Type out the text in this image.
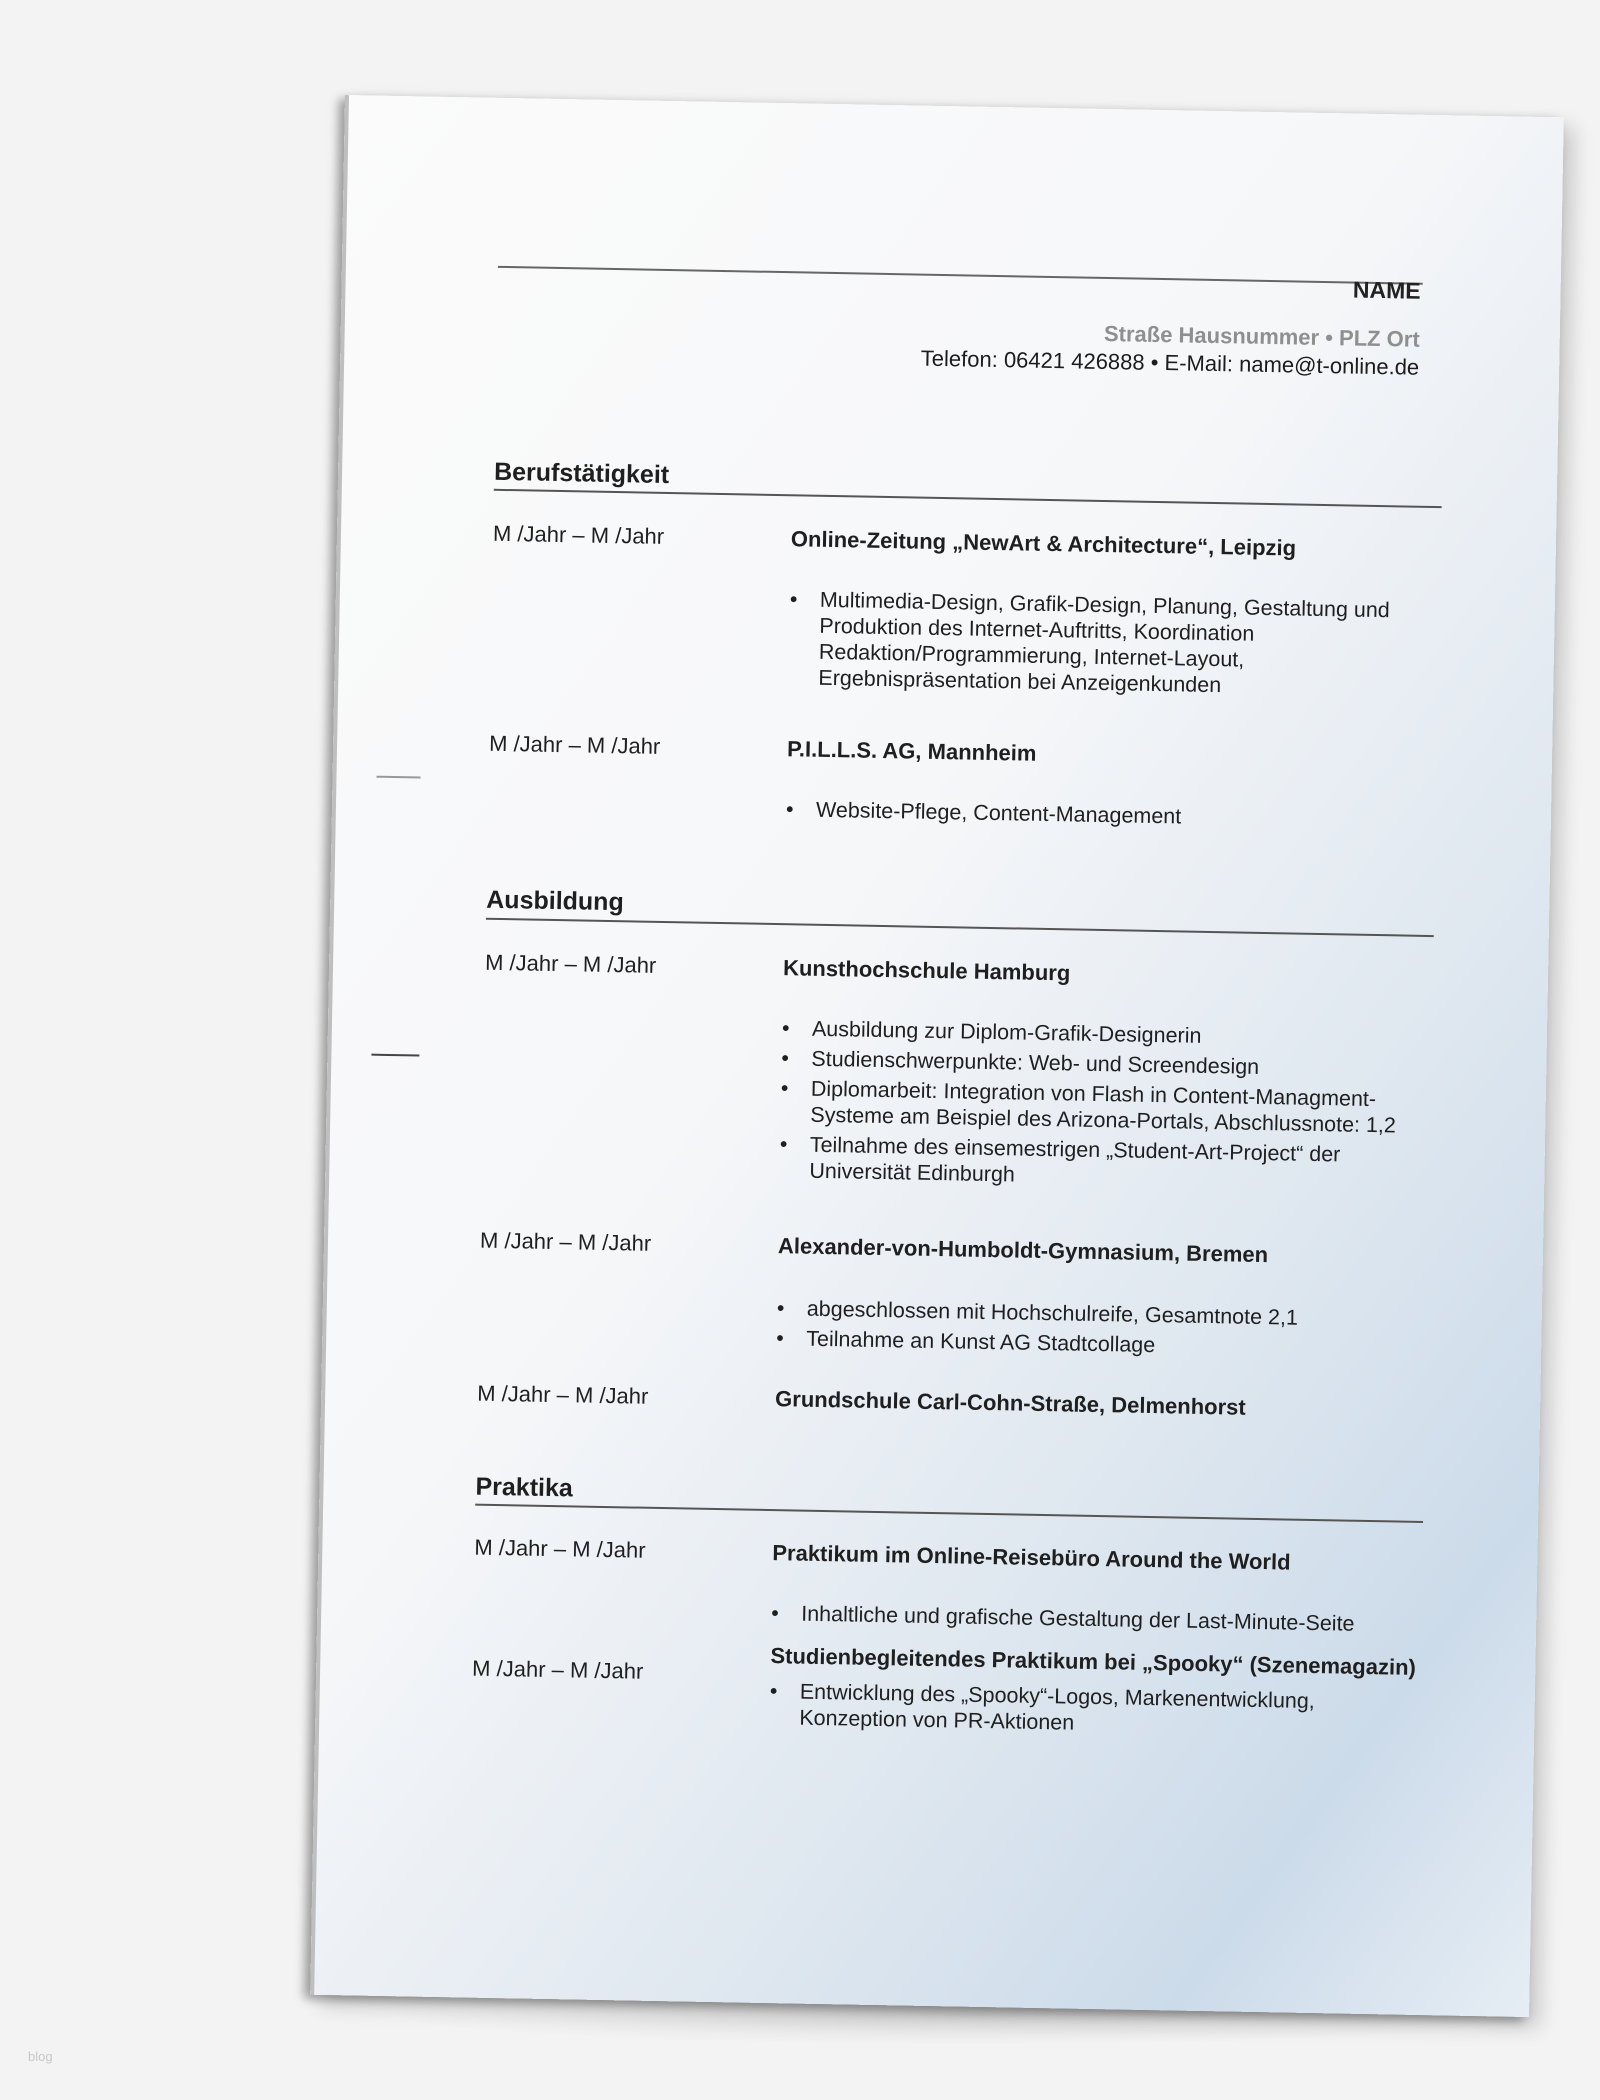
NAME
Straße Hausnummer • PLZ Ort
Telefon: 06421 426888 • E-Mail: name@t-online.de
Berufstätigkeit
M /Jahr – M /Jahr	Online-Zeitung „NewArt & Architecture“, Leipzig
• Multimedia-Design, Grafik-Design, Planung, Gestaltung und Produktion des Internet-Auftritts, Koordination Redaktion/Programmierung, Internet-Layout, Ergebnispräsentation bei Anzeigenkunden
M /Jahr – M /Jahr	P.I.L.L.S. AG, Mannheim
• Website-Pflege, Content-Management
Ausbildung
M /Jahr – M /Jahr	Kunsthochschule Hamburg
• Ausbildung zur Diplom-Grafik-Designerin
• Studienschwerpunkte: Web- und Screendesign
• Diplomarbeit: Integration von Flash in Content-Managment-Systeme am Beispiel des Arizona-Portals, Abschlussnote: 1,2
• Teilnahme des einsemestrigen „Student-Art-Project“ der Universität Edinburgh
M /Jahr – M /Jahr	Alexander-von-Humboldt-Gymnasium, Bremen
• abgeschlossen mit Hochschulreife, Gesamtnote 2,1
• Teilnahme an Kunst AG Stadtcollage
M /Jahr – M /Jahr	Grundschule Carl-Cohn-Straße, Delmenhorst
Praktika
M /Jahr – M /Jahr	Praktikum im Online-Reisebüro Around the World
• Inhaltliche und grafische Gestaltung der Last-Minute-Seite
M /Jahr – M /Jahr	Studienbegleitendes Praktikum bei „Spooky“ (Szenemagazin)
• Entwicklung des „Spooky“-Logos, Markenentwicklung, Konzeption von PR-Aktionen
blog
